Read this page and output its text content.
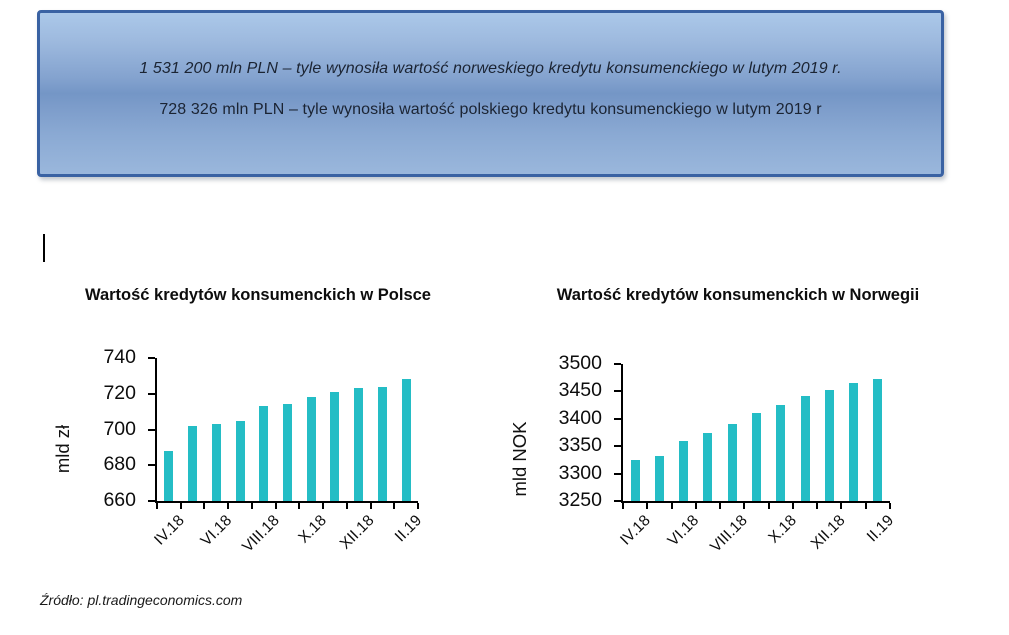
1 531 200 mln PLN – tyle wynosiła wartość norweskiego kredytu konsumenckiego w lutym 2019 r.

728 326 mln PLN – tyle wynosiła wartość polskiego kredytu konsumenckiego w lutym 2019 r

Wartość kredytów konsumenckich w Polsce	Wartość kredytów konsumenckich w Norwegii
mld zł	mld NOK
660
680
700
720
740
IV.18 VI.18 VIII.18 X.18 XII.18 II.19
3250
3300
3350
3400
3450
3500
IV.18 VI.18 VIII.18 X.18 XII.18 II.19
Źródło: pl.tradingeconomics.com
